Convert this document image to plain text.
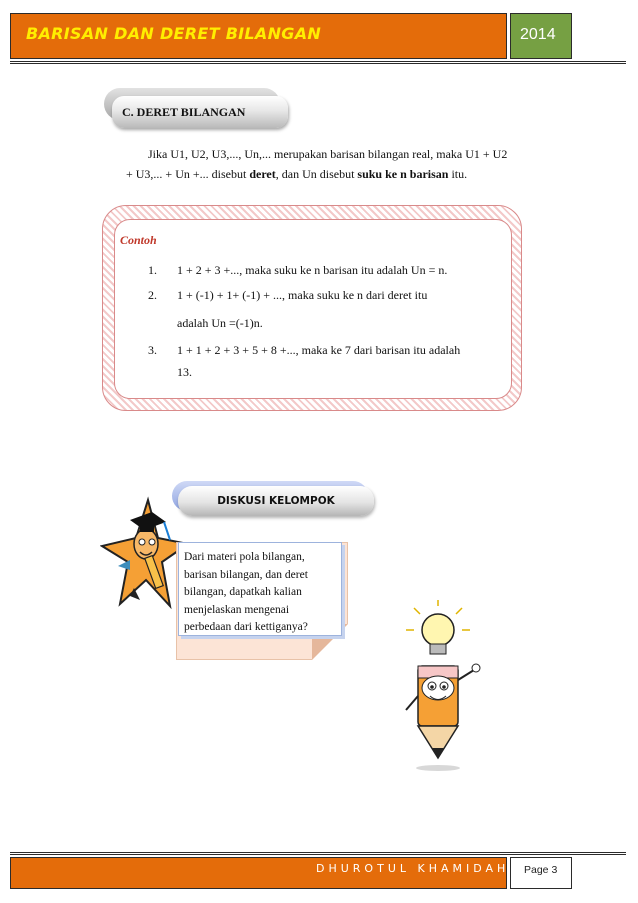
BARISAN DAN DERET BILANGAN	2014
C. DERET BILANGAN
Jika U1, U2, U3,..., Un,... merupakan barisan bilangan real, maka U1 + U2
+ U3,... + Un +... disebut deret, dan Un disebut suku ke n barisan itu.
Contoh
1. 1 + 2 + 3 +..., maka suku ke n barisan itu adalah Un = n.
2. 1 + (-1) + 1+ (-1) + ..., maka suku ke n dari deret itu
adalah Un =(-1)n.
3. 1 + 1 + 2 + 3 + 5 + 8 +..., maka ke 7 dari barisan itu adalah
13.
DISKUSI KELOMPOK
Dari materi pola bilangan,
barisan bilangan, dan deret
bilangan, dapatkah kalian
menjelaskan mengenai
perbedaan dari kettiganya?
DHUROTUL KHAMIDAH Page 3
